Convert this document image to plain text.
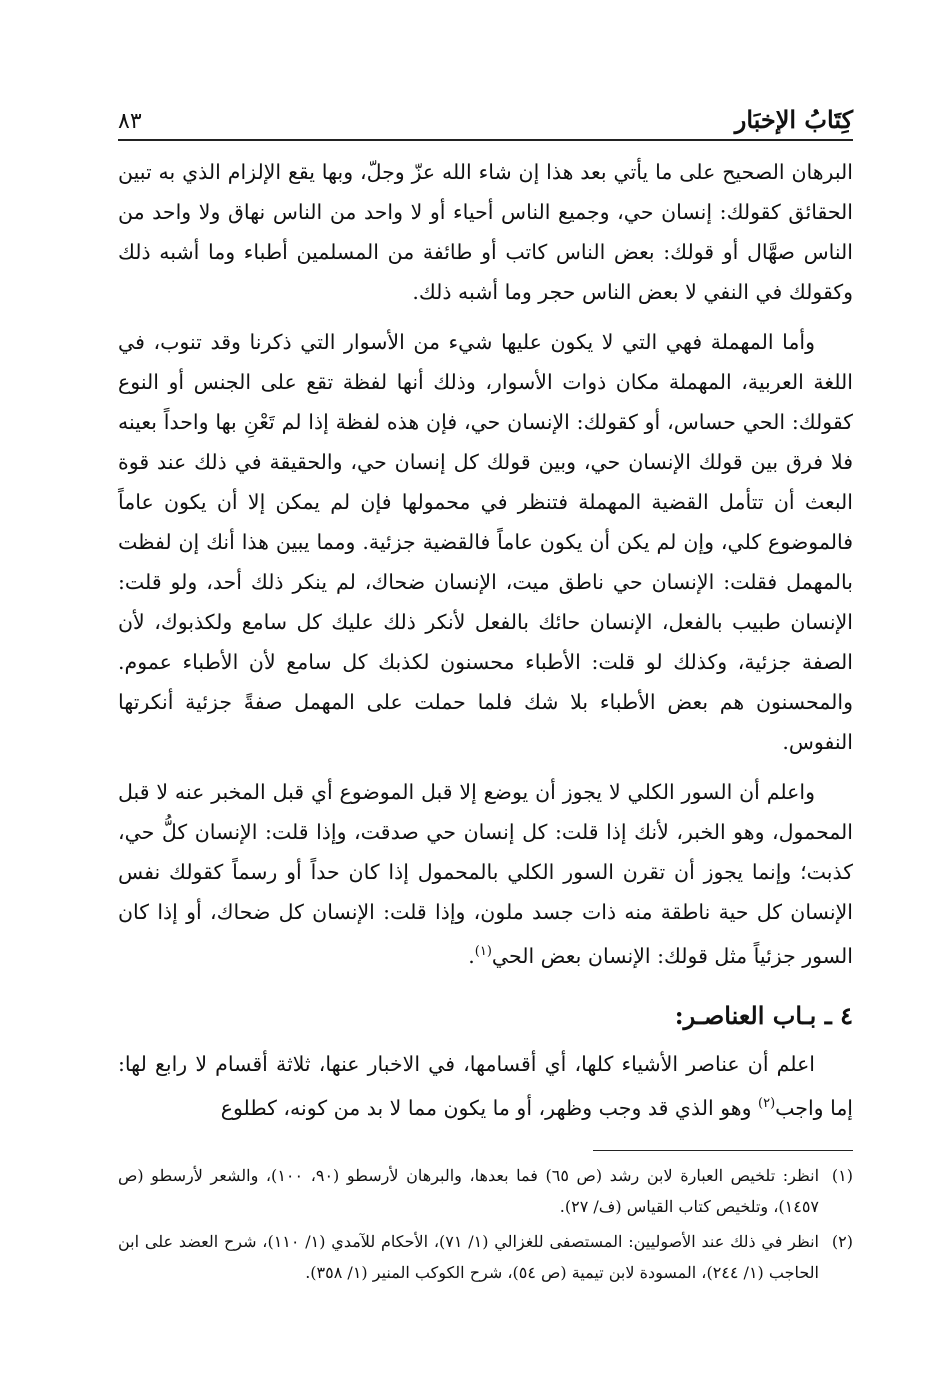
كِتَابُ الإخبَار
٨٣

البرهان الصحيح على ما يأتي بعد هذا إن شاء الله عزّ وجلّ، وبها يقع الإلزام الذي به تبين الحقائق كقولك: إنسان حي، وجميع الناس أحياء أو لا واحد من الناس نهاق ولا واحد من الناس صهَّال أو قولك: بعض الناس كاتب أو طائفة من المسلمين أطباء وما أشبه ذلك وكقولك في النفي لا بعض الناس حجر وما أشبه ذلك.

وأما المهملة فهي التي لا يكون عليها شيء من الأسوار التي ذكرنا وقد تنوب، في اللغة العربية، المهملة مكان ذوات الأسوار، وذلك أنها لفظة تقع على الجنس أو النوع كقولك: الحي حساس، أو كقولك: الإنسان حي، فإن هذه لفظة إذا لم تَعْنِ بها واحداً بعينه فلا فرق بين قولك الإنسان حي، وبين قولك كل إنسان حي، والحقيقة في ذلك عند قوة البعث أن تتأمل القضية المهملة فتنظر في محمولها فإن لم يمكن إلا أن يكون عاماً فالموضوع كلي، وإن لم يكن أن يكون عاماً فالقضية جزئية. ومما يبين هذا أنك إن لفظت بالمهمل فقلت: الإنسان حي ناطق ميت، الإنسان ضحاك، لم ينكر ذلك أحد، ولو قلت: الإنسان طبيب بالفعل، الإنسان حائك بالفعل لأنكر ذلك عليك كل سامع ولكذبوك، لأن الصفة جزئية، وكذلك لو قلت: الأطباء محسنون لكذبك كل سامع لأن الأطباء عموم. والمحسنون هم بعض الأطباء بلا شك فلما حملت على المهمل صفةً جزئية أنكرتها النفوس.

واعلم أن السور الكلي لا يجوز أن يوضع إلا قبل الموضوع أي قبل المخبر عنه لا قبل المحمول، وهو الخبر، لأنك إذا قلت: كل إنسان حي صدقت، وإذا قلت: الإنسان كلُّ حي، كذبت؛ وإنما يجوز أن تقرن السور الكلي بالمحمول إذا كان حداً أو رسماً كقولك نفس الإنسان كل حية ناطقة منه ذات جسد ملون، وإذا قلت: الإنسان كل ضحاك، أو إذا كان السور جزئياً مثل قولك: الإنسان بعض الحي$^{(١)}$.

٤ ـ بـاب العناصـر:

اعلم أن عناصر الأشياء كلها، أي أقسامها، في الاخبار عنها، ثلاثة أقسام لا رابع لها: إما واجب$^{(٢)}$ وهو الذي قد وجب وظهر، أو ما يكون مما لا بد من كونه، كطلوع

(١)
انظر: تلخيص العبارة لابن رشد (ص ٦٥) فما بعدها، والبرهان لأرسطو (٩٠، ١٠٠)، والشعر لأرسطو (ص ١٤٥٧)، وتلخيص كتاب القياس (ف/ ٢٧).
(٢)
انظر في ذلك عند الأصوليين: المستصفى للغزالي (١/ ٧١)، الأحكام للآمدي (١/ ١١٠)، شرح العضد على ابن الحاجب (١/ ٢٤٤)، المسودة لابن تيمية (ص ٥٤)، شرح الكوكب المنير (١/ ٣٥٨).
